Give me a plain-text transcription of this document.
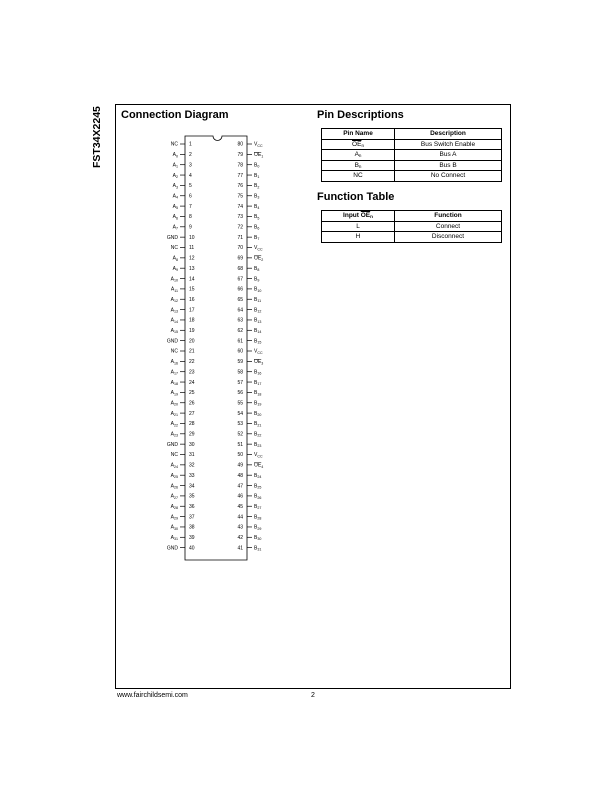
FST34X2245 Connection Diagram	Pin Descriptions
Function Table
NC 1
$A_0$ 2
$A_1$ 3
$A_2$ 4
$A_3$ 5
$A_4$ 6
$A_5$ 7
$A_6$ 8
$A_7$ 9
GND 10
NC 11
$A_8$ 12
$A_9$ 13
$A_{10}$ 14
$A_{11}$ 15
$A_{12}$ 16
$A_{13}$ 17
$A_{14}$ 18
$A_{15}$ 19
GND 20
NC 21
$A_{16}$ 22
$A_{17}$ 23
$A_{18}$ 24
$A_{19}$ 25
$A_{20}$ 26
$A_{21}$ 27
$A_{22}$ 28
$A_{23}$ 29
GND 30
NC 31
$A_{24}$ 32
$A_{25}$ 33
$A_{26}$ 34
$A_{27}$ 35
$A_{28}$ 36
$A_{29}$ 37
$A_{30}$ 38
$A_{31}$ 39
GND 40
80 $V_{CC}$
79 $OE_1$
78 $B_0$
77 $B_1$
76 $B_2$
75 $B_3$
74 $B_4$
73 $B_5$
72 $B_6$
71 $B_7$
70 $V_{CC}$
69 $OE_2$
68 $B_8$
67 $B_9$
66 $B_{10}$
65 $B_{11}$
64 $B_{12}$
63 $B_{13}$
62 $B_{14}$
61 $B_{15}$
60 $V_{CC}$
59 $OE_3$
58 $B_{16}$
57 $B_{17}$
56 $B_{18}$
55 $B_{19}$
54 $B_{20}$
53 $B_{21}$
52 $B_{22}$
51 $B_{23}$
50 $V_{CC}$
49 $OE_4$
48 $B_{24}$
47 $B_{25}$
46 $B_{26}$
45 $B_{27}$
44 $B_{28}$
43 $B_{29}$
42 $B_{30}$
41 $B_{31}$
Pin Name	Description
$\overline{OE}_n$	Bus Switch Enable
$A_n$	Bus A
$B_n$	Bus B
NC	No Connect
Input $\overline{OE}_n$	Function
L	Connect
H	Disconnect
www.fairchildsemi.com	2
